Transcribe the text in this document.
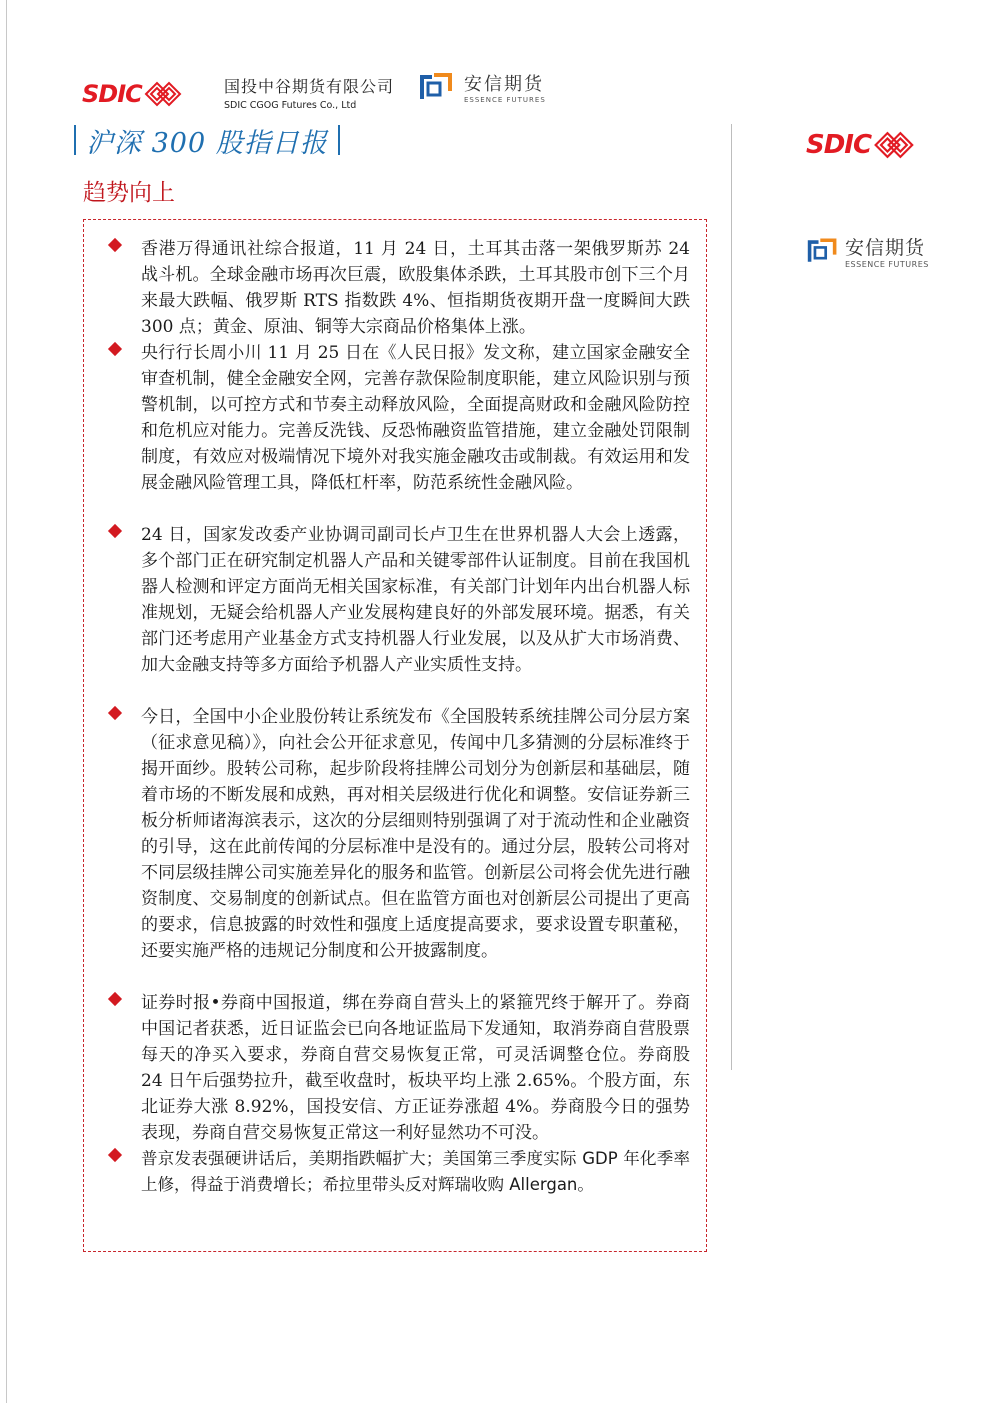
SDIC	国投中谷期货有限公司
SDIC CGOG Futures Co., Ltd
安信期货
ESSENCE FUTURES
沪深 300 股指日报
趋势向上
SDIC
安信期货
ESSENCE FUTURES
香港万得通讯社综合报道，11 月 24 日，土耳其击落一架俄罗斯苏 24 战斗机。全球金融市场再次巨震，欧股集体杀跌，土耳其股市创下三个月来最大跌幅、俄罗斯 RTS 指数跌 4%、恒指期货夜期开盘一度瞬间大跌 300 点；黄金、原油、铜等大宗商品价格集体上涨。
央行行长周小川 11 月 25 日在《人民日报》发文称，建立国家金融安全审查机制，健全金融安全网，完善存款保险制度职能，建立风险识别与预警机制，以可控方式和节奏主动释放风险，全面提高财政和金融风险防控和危机应对能力。完善反洗钱、反恐怖融资监管措施，建立金融处罚限制制度，有效应对极端情况下境外对我实施金融攻击或制裁。有效运用和发展金融风险管理工具，降低杠杆率，防范系统性金融风险。
24 日，国家发改委产业协调司副司长卢卫生在世界机器人大会上透露，多个部门正在研究制定机器人产品和关键零部件认证制度。目前在我国机器人检测和评定方面尚无相关国家标准，有关部门计划年内出台机器人标准规划，无疑会给机器人产业发展构建良好的外部发展环境。据悉，有关部门还考虑用产业基金方式支持机器人行业发展，以及从扩大市场消费、加大金融支持等多方面给予机器人产业实质性支持。
今日，全国中小企业股份转让系统发布《全国股转系统挂牌公司分层方案（征求意见稿）》，向社会公开征求意见，传闻中几多猜测的分层标准终于揭开面纱。股转公司称，起步阶段将挂牌公司划分为创新层和基础层，随着市场的不断发展和成熟，再对相关层级进行优化和调整。安信证券新三板分析师诸海滨表示，这次的分层细则特别强调了对于流动性和企业融资的引导，这在此前传闻的分层标准中是没有的。通过分层，股转公司将对不同层级挂牌公司实施差异化的服务和监管。创新层公司将会优先进行融资制度、交易制度的创新试点。但在监管方面也对创新层公司提出了更高的要求，信息披露的时效性和强度上适度提高要求，要求设置专职董秘，还要实施严格的违规记分制度和公开披露制度。
证券时报•券商中国报道，绑在券商自营头上的紧箍咒终于解开了。券商中国记者获悉，近日证监会已向各地证监局下发通知，取消券商自营股票每天的净买入要求，券商自营交易恢复正常，可灵活调整仓位。券商股 24 日午后强势拉升，截至收盘时，板块平均上涨 2.65%。个股方面，东北证券大涨 8.92%，国投安信、方正证券涨超 4%。券商股今日的强势表现，券商自营交易恢复正常这一利好显然功不可没。
普京发表强硬讲话后，美期指跌幅扩大；美国第三季度实际 GDP 年化季率上修，得益于消费增长；希拉里带头反对辉瑞收购 Allergan。
